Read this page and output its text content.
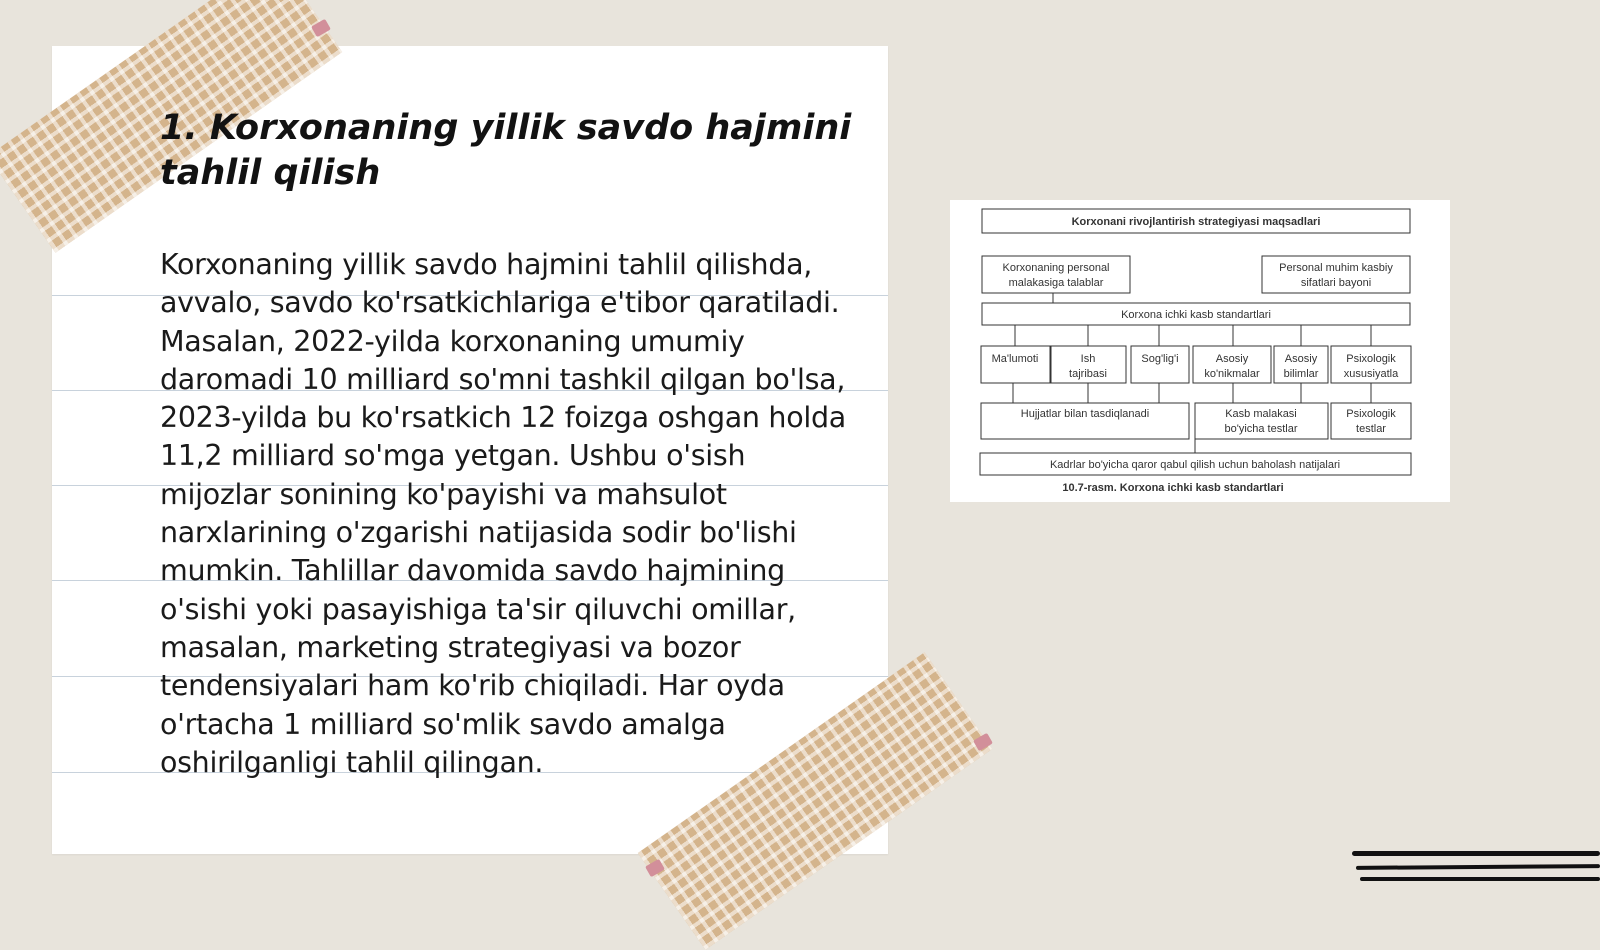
1. Korxonaning yillik savdo hajmini tahlil qilish

Korxonaning yillik savdo hajmini tahlil qilishda, avvalo, savdo ko'rsatkichlariga e'tibor qaratiladi. Masalan, 2022-yilda korxonaning umumiy daromadi 10 milliard so'mni tashkil qilgan bo'lsa, 2023-yilda bu ko'rsatkich 12 foizga oshgan holda 11,2 milliard so'mga yetgan. Ushbu o'sish mijozlar sonining ko'payishi va mahsulot narxlarining o'zgarishi natijasida sodir bo'lishi mumkin. Tahlillar davomida savdo hajmining o'sishi yoki pasayishiga ta'sir qiluvchi omillar, masalan, marketing strategiyasi va bozor tendensiyalari ham ko'rib chiqiladi. Har oyda o'rtacha 1 milliard so'mlik savdo amalga oshirilganligi tahlil qilingan.

Korxonani rivojlantirish strategiyasi maqsadlari
Korxonaning personal
malakasiga talablar
Personal muhim kasbiy
sifatlari bayoni
Korxona ichki kasb standartlari
Ma'lumoti	Ish
tajribasi
Sog'lig'i	Asosiy
ko'nikmalar
Asosiy
bilimlar
Psixologik
xususiyatla
Hujjatlar bilan tasdiqlanadi	Kasb malakasi
bo'yicha testlar
Psixologik
testlar
Kadrlar bo'yicha qaror qabul qilish uchun baholash natijalari
10.7-rasm. Korxona ichki kasb standartlari
